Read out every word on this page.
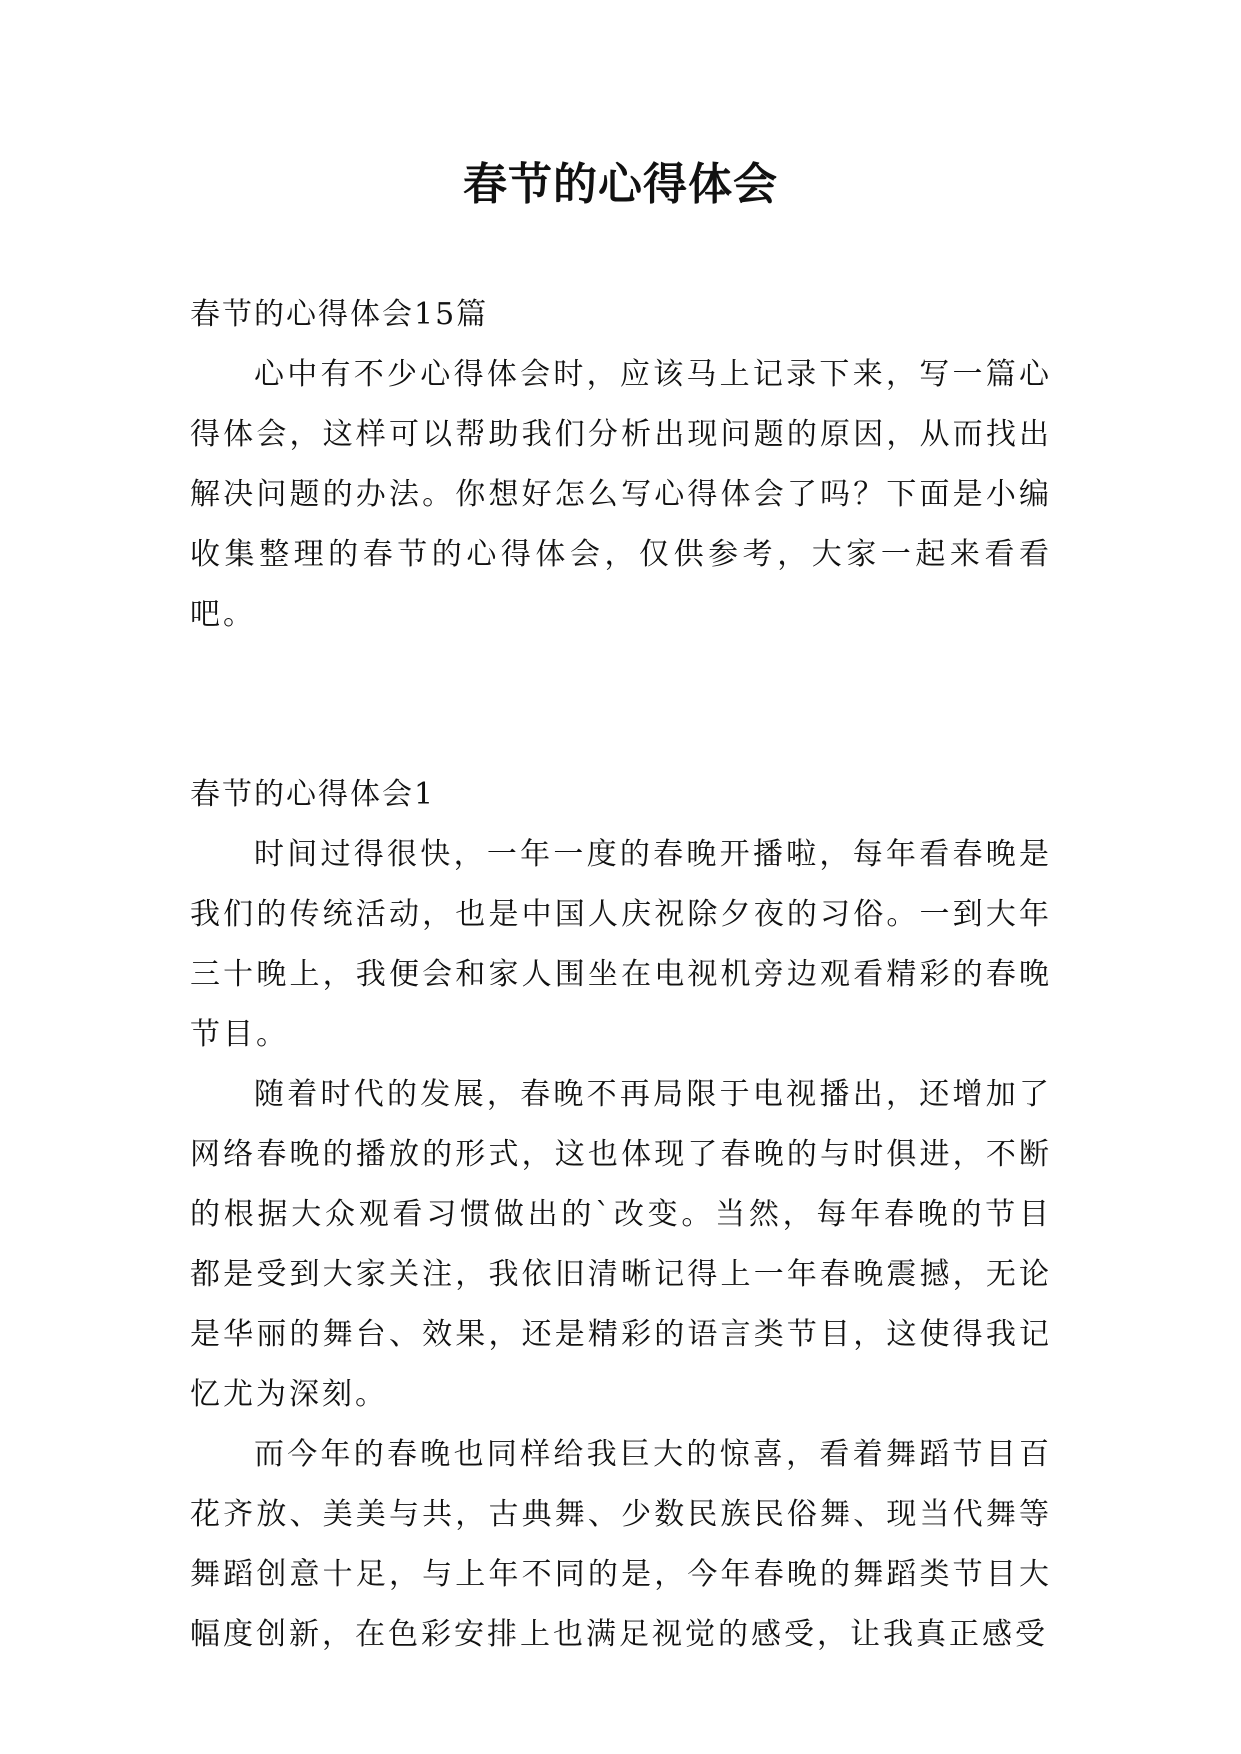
春节的心得体会

春节的心得体会15篇

心中有不少心得体会时，应该马上记录下来，写一篇心得体会，这样可以帮助我们分析出现问题的原因，从而找出解决问题的办法。你想好怎么写心得体会了吗？下面是小编收集整理的春节的心得体会，仅供参考，大家一起来看看吧。

春节的心得体会1

时间过得很快，一年一度的春晚开播啦，每年看春晚是我们的传统活动，也是中国人庆祝除夕夜的习俗。一到大年三十晚上，我便会和家人围坐在电视机旁边观看精彩的春晚节目。

随着时代的发展，春晚不再局限于电视播出，还增加了网络春晚的播放的形式，这也体现了春晚的与时俱进，不断的根据大众观看习惯做出的`改变。当然，每年春晚的节目都是受到大家关注，我依旧清晰记得上一年春晚震撼，无论是华丽的舞台、效果，还是精彩的语言类节目，这使得我记忆尤为深刻。

而今年的春晚也同样给我巨大的惊喜，看着舞蹈节目百花齐放、美美与共，古典舞、少数民族民俗舞、现当代舞等舞蹈创意十足，与上年不同的是，今年春晚的舞蹈类节目大幅度创新，在色彩安排上也满足视觉的感受，让我真正感受
